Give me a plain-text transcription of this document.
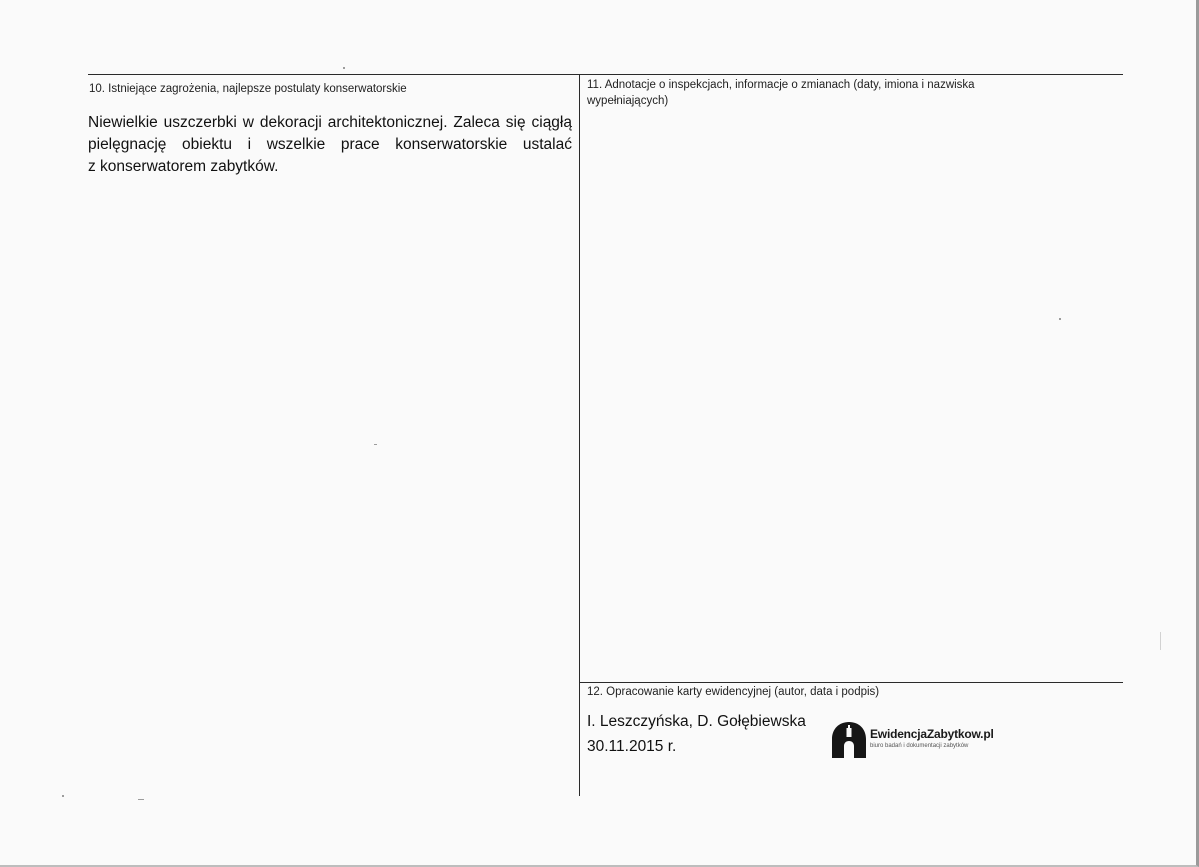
10. Istniejące zagrożenia, najlepsze postulaty konserwatorskie
Niewielkie uszczerbki w dekoracji architektonicznej. Zaleca się ciągłą
pielęgnację obiektu i wszelkie prace konserwatorskie ustalać
z konserwatorem zabytków.
11. Adnotacje o inspekcjach, informacje o zmianach (daty, imiona i nazwiska
wypełniających)
12. Opracowanie karty ewidencyjnej (autor, data i podpis)
I. Leszczyńska, D. Gołębiewska
30.11.2015 r.
EwidencjaZabytkow.pl
biuro badań i dokumentacji zabytków
